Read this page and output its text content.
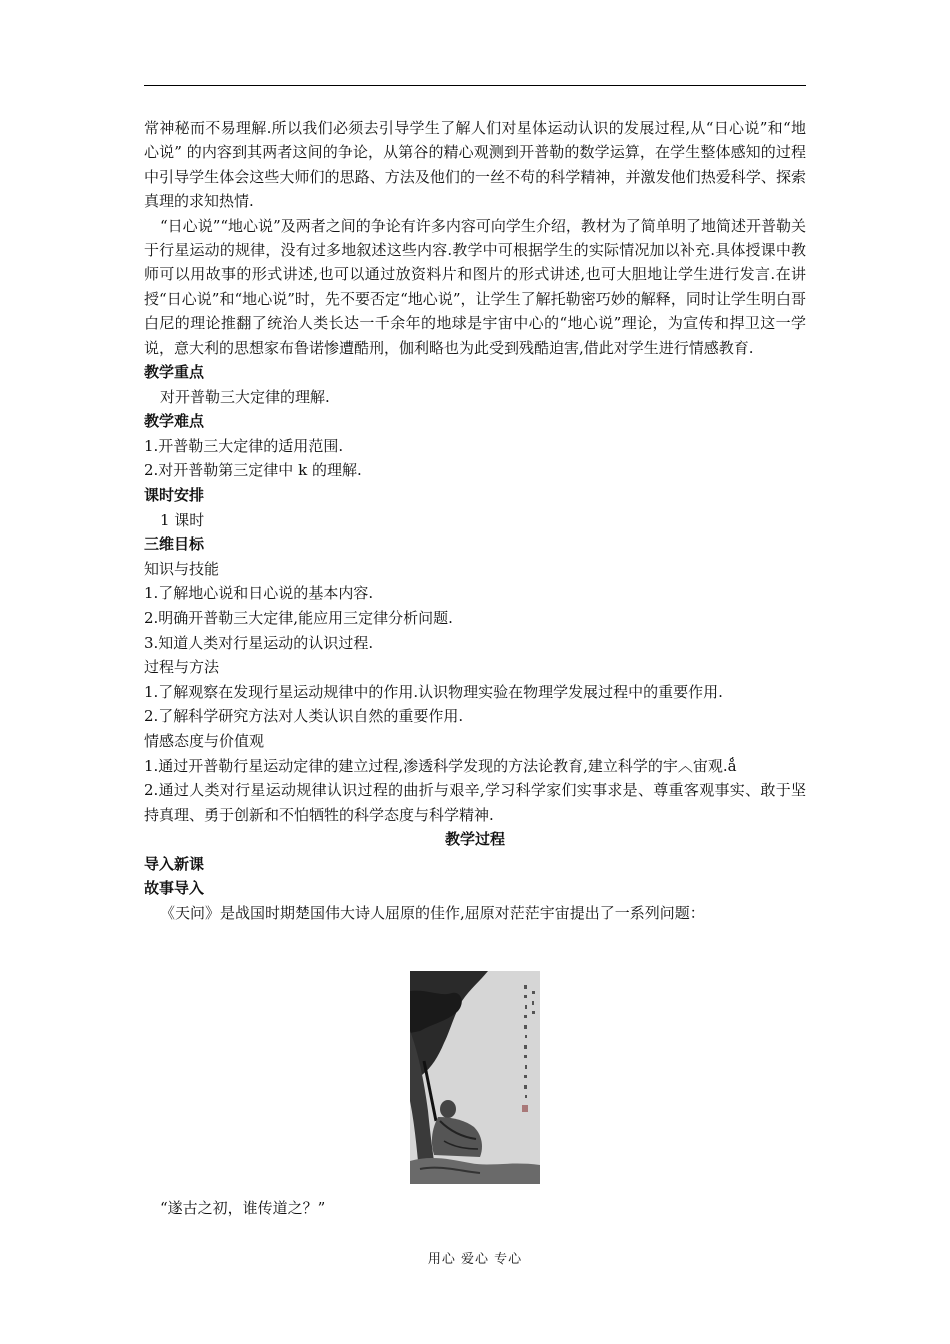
常神秘而不易理解.所以我们必须去引导学生了解人们对星体运动认识的发展过程,从“日心说”和“地心说” 的内容到其两者这间的争论，从第谷的精心观测到开普勒的数学运算，在学生整体感知的过程中引导学生体会这些大师们的思路、方法及他们的一丝不苟的科学精神，并激发他们热爱科学、探索真理的求知热情.

“日心说”“地心说”及两者之间的争论有许多内容可向学生介绍，教材为了简单明了地简述开普勒关于行星运动的规律，没有过多地叙述这些内容.教学中可根据学生的实际情况加以补充.具体授课中教师可以用故事的形式讲述,也可以通过放资料片和图片的形式讲述,也可大胆地让学生进行发言.在讲授“日心说”和“地心说”时，先不要否定“地心说”，让学生了解托勒密巧妙的解释，同时让学生明白哥白尼的理论推翻了统治人类长达一千余年的地球是宇宙中心的“地心说”理论，为宣传和捍卫这一学说，意大利的思想家布鲁诺惨遭酷刑，伽利略也为此受到残酷迫害,借此对学生进行情感教育.

教学重点

对开普勒三大定律的理解.

教学难点

1.开普勒三大定律的适用范围.

2.对开普勒第三定律中 k 的理解.

课时安排

1 课时

三维目标

知识与技能

1.了解地心说和日心说的基本内容.

2.明确开普勒三大定律,能应用三定律分析问题.

3.知道人类对行星运动的认识过程.

过程与方法

1.了解观察在发现行星运动规律中的作用.认识物理实验在物理学发展过程中的重要作用.

2.了解科学研究方法对人类认识自然的重要作用.

情感态度与价值观

1.通过开普勒行星运动定律的建立过程,渗透科学发现的方法论教育,建立科学的宇︿宙观.ǻ

2.通过人类对行星运动规律认识过程的曲折与艰辛,学习科学家们实事求是、尊重客观事实、敢于坚持真理、勇于创新和不怕牺牲的科学态度与科学精神.

教学过程

导入新课

故事导入

《天问》是战国时期楚国伟大诗人屈原的佳作,屈原对茫茫宇宙提出了一系列问题：

“遂古之初，谁传道之？”
用心 爱心 专心
